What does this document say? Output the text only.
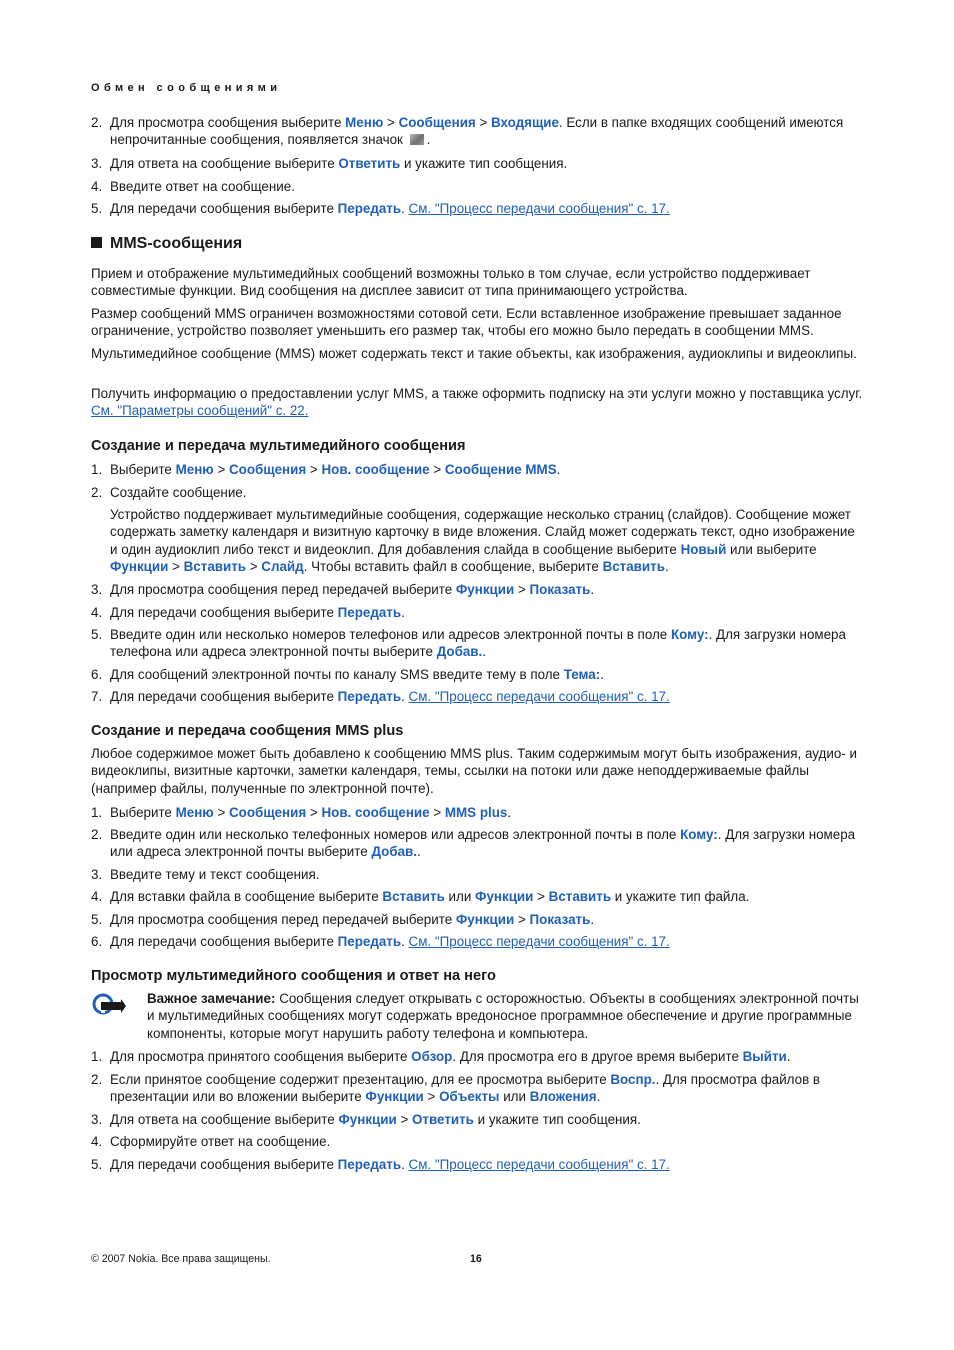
Обмен сообщениями
2. Для просмотра сообщения выберите Меню > Сообщения > Входящие. Если в папке входящих сообщений имеются непрочитанные сообщения, появляется значок .
3. Для ответа на сообщение выберите Ответить и укажите тип сообщения.
4. Введите ответ на сообщение.
5. Для передачи сообщения выберите Передать. См. "Процесс передачи сообщения" с. 17.
MMS-сообщения
Прием и отображение мультимедийных сообщений возможны только в том случае, если устройство поддерживает совместимые функции. Вид сообщения на дисплее зависит от типа принимающего устройства.
Размер сообщений MMS ограничен возможностями сотовой сети. Если вставленное изображение превышает заданное ограничение, устройство позволяет уменьшить его размер так, чтобы его можно было передать в сообщении MMS.
Мультимедийное сообщение (MMS) может содержать текст и такие объекты, как изображения, аудиоклипы и видеоклипы.
Получить информацию о предоставлении услуг MMS, а также оформить подписку на эти услуги можно у поставщика услуг. См. "Параметры сообщений" с. 22.
Создание и передача мультимедийного сообщения
1. Выберите Меню > Сообщения > Нов. сообщение > Сообщение MMS.
2. Создайте сообщение.
Устройство поддерживает мультимедийные сообщения, содержащие несколько страниц (слайдов). Сообщение может содержать заметку календаря и визитную карточку в виде вложения. Слайд может содержать текст, одно изображение и один аудиоклип либо текст и видеоклип. Для добавления слайда в сообщение выберите Новый или выберите Функции > Вставить > Слайд. Чтобы вставить файл в сообщение, выберите Вставить.
3. Для просмотра сообщения перед передачей выберите Функции > Показать.
4. Для передачи сообщения выберите Передать.
5. Введите один или несколько номеров телефонов или адресов электронной почты в поле Кому:. Для загрузки номера телефона или адреса электронной почты выберите Добав..
6. Для сообщений электронной почты по каналу SMS введите тему в поле Тема:.
7. Для передачи сообщения выберите Передать. См. "Процесс передачи сообщения" с. 17.
Создание и передача сообщения MMS plus
Любое содержимое может быть добавлено к сообщению MMS plus. Таким содержимым могут быть изображения, аудио- и видеоклипы, визитные карточки, заметки календаря, темы, ссылки на потоки или даже неподдерживаемые файлы (например файлы, полученные по электронной почте).
1. Выберите Меню > Сообщения > Нов. сообщение > MMS plus.
2. Введите один или несколько телефонных номеров или адресов электронной почты в поле Кому:. Для загрузки номера или адреса электронной почты выберите Добав..
3. Введите тему и текст сообщения.
4. Для вставки файла в сообщение выберите Вставить или Функции > Вставить и укажите тип файла.
5. Для просмотра сообщения перед передачей выберите Функции > Показать.
6. Для передачи сообщения выберите Передать. См. "Процесс передачи сообщения" с. 17.
Просмотр мультимедийного сообщения и ответ на него
Важное замечание: Сообщения следует открывать с осторожностью. Объекты в сообщениях электронной почты и мультимедийных сообщениях могут содержать вредоносное программное обеспечение и другие программные компоненты, которые могут нарушить работу телефона и компьютера.
1. Для просмотра принятого сообщения выберите Обзор. Для просмотра его в другое время выберите Выйти.
2. Если принятое сообщение содержит презентацию, для ее просмотра выберите Воспр.. Для просмотра файлов в презентации или во вложении выберите Функции > Объекты или Вложения.
3. Для ответа на сообщение выберите Функции > Ответить и укажите тип сообщения.
4. Сформируйте ответ на сообщение.
5. Для передачи сообщения выберите Передать. См. "Процесс передачи сообщения" с. 17.
© 2007 Nokia. Все права защищены.	16
